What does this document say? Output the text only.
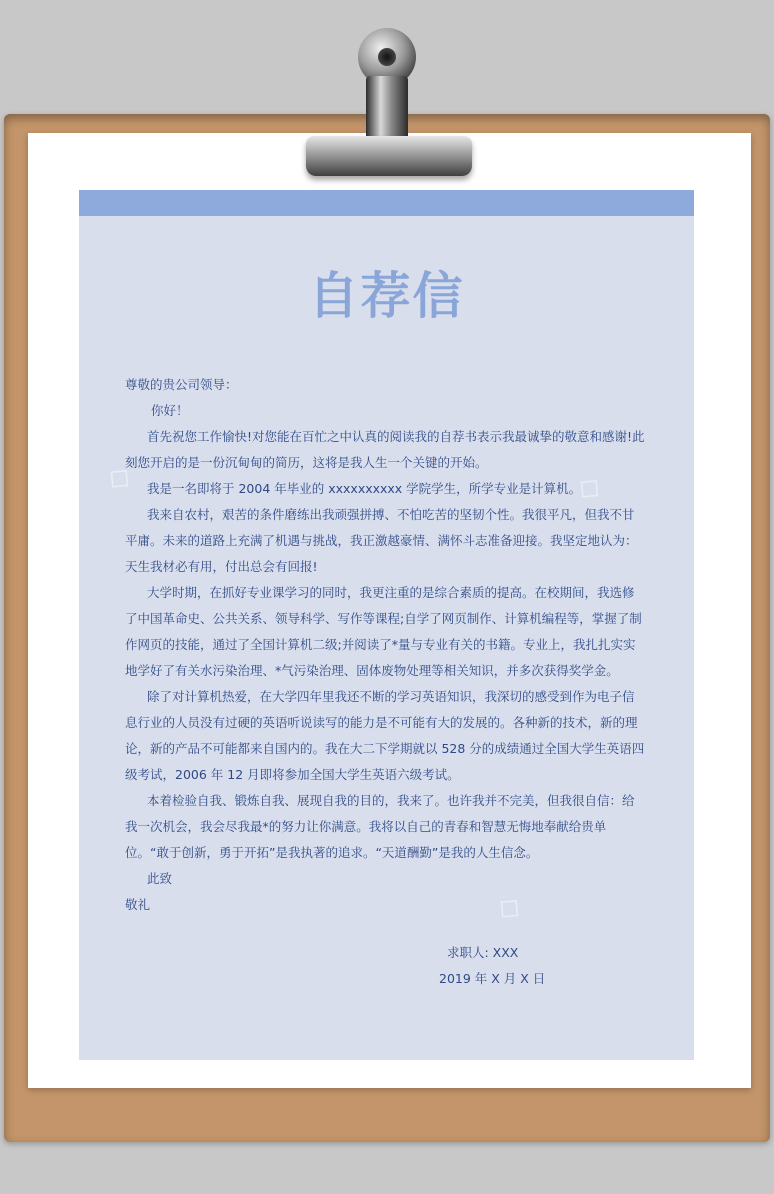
自荐信

尊敬的贵公司领导：

你好！

首先祝您工作愉快!对您能在百忙之中认真的阅读我的自荐书表示我最诚挚的敬意和感谢!此刻您开启的是一份沉甸甸的简历，这将是我人生一个关键的开始。

我是一名即将于 2004 年毕业的 xxxxxxxxxx 学院学生，所学专业是计算机。

我来自农村，艰苦的条件磨练出我顽强拼搏、不怕吃苦的坚韧个性。我很平凡，但我不甘平庸。未来的道路上充满了机遇与挑战，我正激越豪情、满怀斗志准备迎接。我坚定地认为：天生我材必有用，付出总会有回报!

大学时期，在抓好专业课学习的同时，我更注重的是综合素质的提高。在校期间，我选修了中国革命史、公共关系、领导科学、写作等课程;自学了网页制作、计算机编程等，掌握了制作网页的技能，通过了全国计算机二级;并阅读了*量与专业有关的书籍。专业上，我扎扎实实地学好了有关水污染治理、*气污染治理、固体废物处理等相关知识，并多次获得奖学金。

除了对计算机热爱，在大学四年里我还不断的学习英语知识，我深切的感受到作为电子信息行业的人员没有过硬的英语听说读写的能力是不可能有大的发展的。各种新的技术，新的理论，新的产品不可能都来自国内的。我在大二下学期就以 528 分的成绩通过全国大学生英语四级考试，2006 年 12 月即将参加全国大学生英语六级考试。

本着检验自我、锻炼自我、展现自我的目的，我来了。也许我并不完美，但我很自信：给我一次机会，我会尽我最*的努力让你满意。我将以自己的青春和智慧无悔地奉献给贵单位。“敢于创新，勇于开拓”是我执著的追求。“天道酬勤”是我的人生信念。

此致

敬礼

求职人: XXX

2019 年 X 月 X 日

◇	◇
◇	◇
